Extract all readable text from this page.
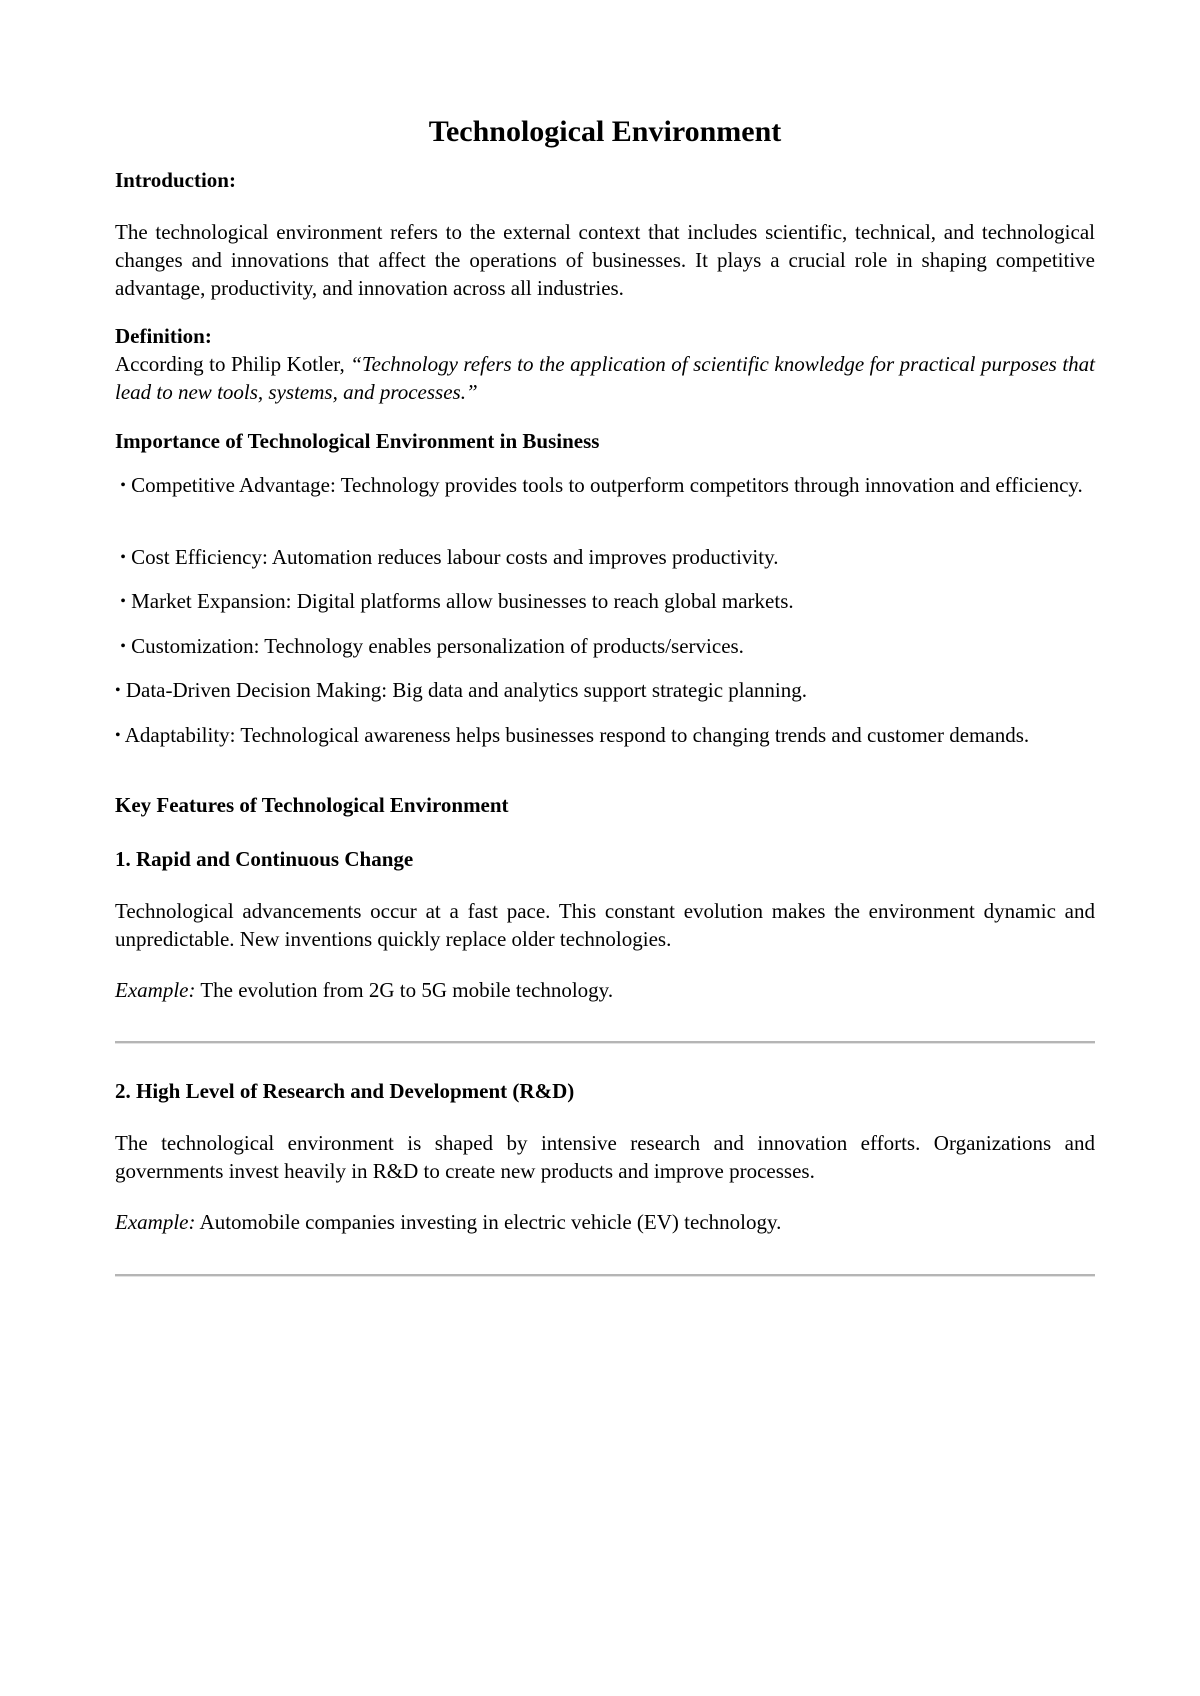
Technological Environment
Introduction:
The technological environment refers to the external context that includes scientific, technical, and technological changes and innovations that affect the operations of businesses. It plays a crucial role in shaping competitive advantage, productivity, and innovation across all industries.
Definition:
According to Philip Kotler, “Technology refers to the application of scientific knowledge for practical purposes that lead to new tools, systems, and processes.”
Importance of Technological Environment in Business
• Competitive Advantage: Technology provides tools to outperform competitors through innovation and efficiency.
• Cost Efficiency: Automation reduces labour costs and improves productivity.
• Market Expansion: Digital platforms allow businesses to reach global markets.
• Customization: Technology enables personalization of products/services.
• Data-Driven Decision Making: Big data and analytics support strategic planning.
• Adaptability: Technological awareness helps businesses respond to changing trends and customer demands.
Key Features of Technological Environment
1. Rapid and Continuous Change
Technological advancements occur at a fast pace. This constant evolution makes the environment dynamic and unpredictable. New inventions quickly replace older technologies.
Example: The evolution from 2G to 5G mobile technology.
2. High Level of Research and Development (R&D)
The technological environment is shaped by intensive research and innovation efforts. Organizations and governments invest heavily in R&D to create new products and improve processes.
Example: Automobile companies investing in electric vehicle (EV) technology.
